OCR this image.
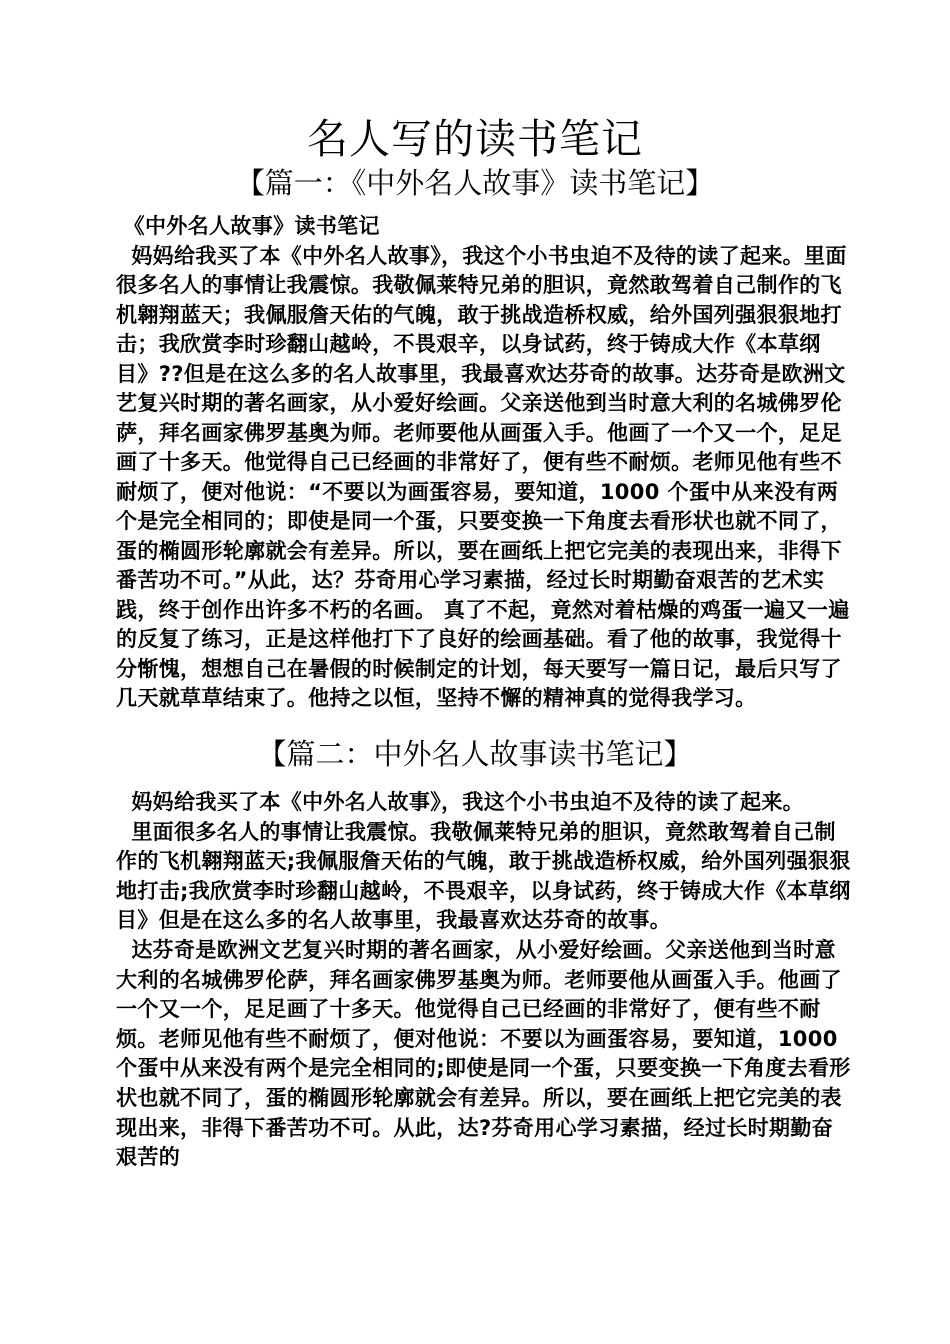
名人写的读书笔记
【篇一：《中外名人故事》读书笔记】

《中外名人故事》读书笔记

妈妈给我买了本《中外名人故事》，我这个小书虫迫不及待的读了起来。里面很多名人的事情让我震惊。我敬佩莱特兄弟的胆识，竟然敢驾着自己制作的飞机翱翔蓝天；我佩服詹天佑的气魄，敢于挑战造桥权威，给外国列强狠狠地打击；我欣赏李时珍翻山越岭，不畏艰辛，以身试药，终于铸成大作《本草纲目》??但是在这么多的名人故事里，我最喜欢达芬奇的故事。达芬奇是欧洲文艺复兴时期的著名画家，从小爱好绘画。父亲送他到当时意大利的名城佛罗伦萨，拜名画家佛罗基奥为师。老师要他从画蛋入手。他画了一个又一个，足足画了十多天。他觉得自己已经画的非常好了，便有些不耐烦。老师见他有些不耐烦了，便对他说：“不要以为画蛋容易，要知道，1000 个蛋中从来没有两个是完全相同的；即使是同一个蛋，只要变换一下角度去看形状也就不同了，蛋的椭圆形轮廓就会有差异。所以，要在画纸上把它完美的表现出来，非得下番苦功不可。”从此，达？芬奇用心学习素描，经过长时期勤奋艰苦的艺术实践，终于创作出许多不朽的名画。 真了不起，竟然对着枯燥的鸡蛋一遍又一遍的反复了练习，正是这样他打下了良好的绘画基础。看了他的故事，我觉得十分惭愧，想想自己在暑假的时候制定的计划，每天要写一篇日记，最后只写了几天就草草结束了。他持之以恒，坚持不懈的精神真的觉得我学习。

【篇二：中外名人故事读书笔记】

妈妈给我买了本《中外名人故事》，我这个小书虫迫不及待的读了起来。

里面很多名人的事情让我震惊。我敬佩莱特兄弟的胆识，竟然敢驾着自己制作的飞机翱翔蓝天;我佩服詹天佑的气魄，敢于挑战造桥权威，给外国列强狠狠地打击;我欣赏李时珍翻山越岭，不畏艰辛，以身试药，终于铸成大作《本草纲目》但是在这么多的名人故事里，我最喜欢达芬奇的故事。

达芬奇是欧洲文艺复兴时期的著名画家，从小爱好绘画。父亲送他到当时意大利的名城佛罗伦萨，拜名画家佛罗基奥为师。老师要他从画蛋入手。他画了一个又一个，足足画了十多天。他觉得自己已经画的非常好了，便有些不耐烦。老师见他有些不耐烦了，便对他说：不要以为画蛋容易，要知道，1000 个蛋中从来没有两个是完全相同的;即使是同一个蛋，只要变换一下角度去看形状也就不同了，蛋的椭圆形轮廓就会有差异。所以，要在画纸上把它完美的表现出来，非得下番苦功不可。从此，达?芬奇用心学习素描，经过长时期勤奋艰苦的
